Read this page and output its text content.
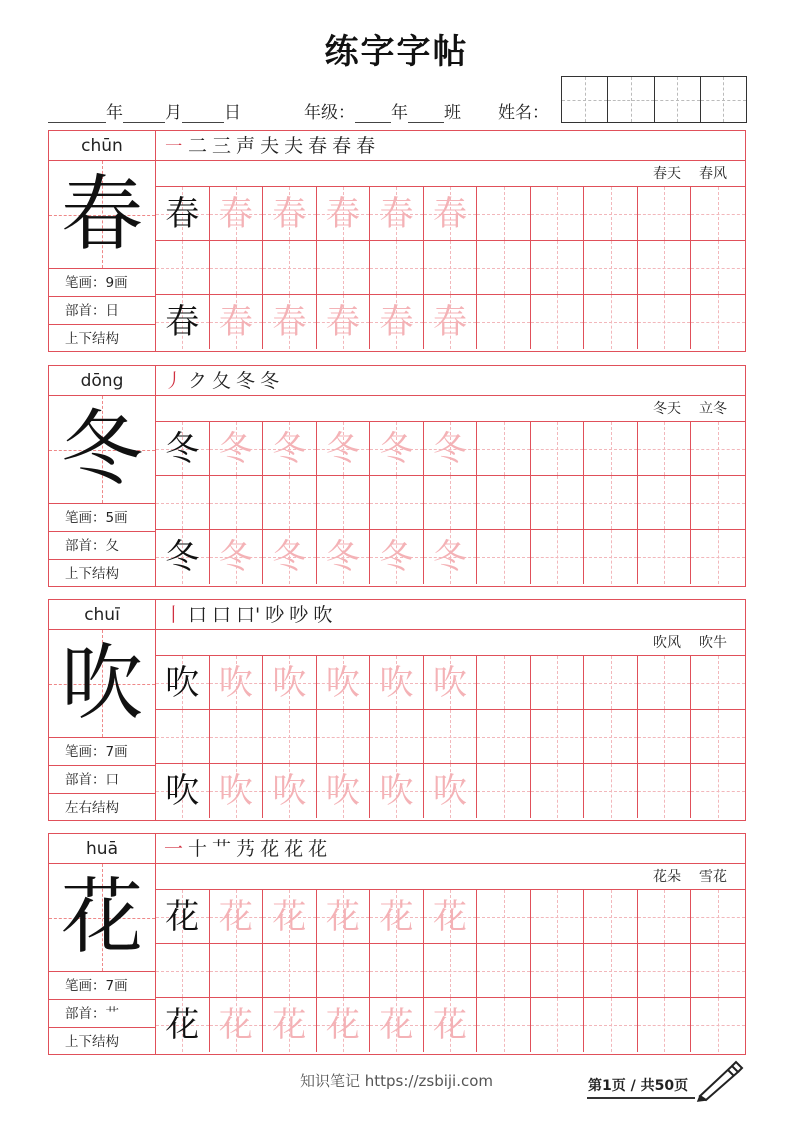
练字字帖
年 月 日	年级： 年 班 姓名：
chūn
春
笔画：9画
部首：日
上下结构
㇐ 二 三 声 夫 夫 春 春 春
春天 春风
春 春 春 春 春 春
春 春 春 春 春 春
dōng
冬
笔画：5画
部首：夂
上下结构
丿 ク 夂 冬 冬
冬天 立冬
冬 冬 冬 冬 冬 冬
冬 冬 冬 冬 冬 冬
chuī
吹
笔画：7画
部首：口
左右结构
丨 口 口 口' 吵 吵 吹
吹风 吹牛
吹 吹 吹 吹 吹 吹
吹 吹 吹 吹 吹 吹
huā
花
笔画：7画
部首：艹
上下结构
一 十 艹 艿 花 花 花
花朵 雪花
花 花 花 花 花 花
花 花 花 花 花 花
知识笔记 https://zsbiji.com	第1页 / 共50页
